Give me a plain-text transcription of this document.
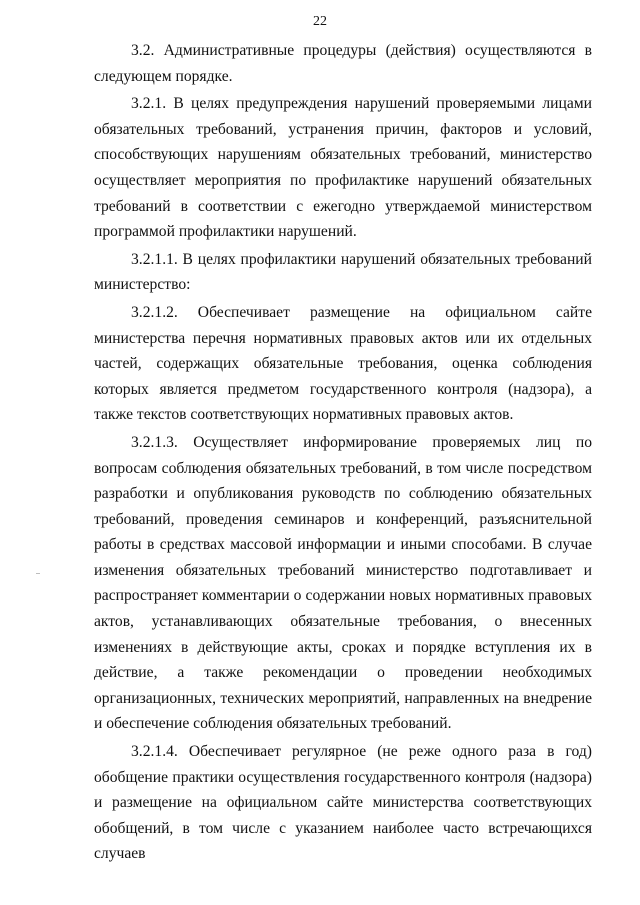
22

3.2. Административные процедуры (действия) осуществляются в следующем порядке.

3.2.1. В целях предупреждения нарушений проверяемыми лицами обязательных требований, устранения причин, факторов и условий, способствующих нарушениям обязательных требований, министерство осуществляет мероприятия по профилактике нарушений обязательных требований в соответствии с ежегодно утверждаемой министерством программой профилактики нарушений.

3.2.1.1. В целях профилактики нарушений обязательных требований министерство:

3.2.1.2. Обеспечивает размещение на официальном сайте министерства перечня нормативных правовых актов или их отдельных частей, содержащих обязательные требования, оценка соблюдения которых является предметом государственного контроля (надзора), а также текстов соответствующих нормативных правовых актов.

3.2.1.3. Осуществляет информирование проверяемых лиц по вопросам соблюдения обязательных требований, в том числе посредством разработки и опубликования руководств по соблюдению обязательных требований, проведения семинаров и конференций, разъяснительной работы в средствах массовой информации и иными способами. В случае изменения обязательных требований министерство подготавливает и распространяет комментарии о содержании новых нормативных правовых актов, устанавливающих обязательные требования, о внесенных изменениях в действующие акты, сроках и порядке вступления их в действие, а также рекомендации о проведении необходимых организационных, технических мероприятий, направленных на внедрение и обеспечение соблюдения обязательных требований.

3.2.1.4. Обеспечивает регулярное (не реже одного раза в год) обобщение практики осуществления государственного контроля (надзора) и размещение на официальном сайте министерства соответствующих обобщений, в том числе с указанием наиболее часто встречающихся случаев
